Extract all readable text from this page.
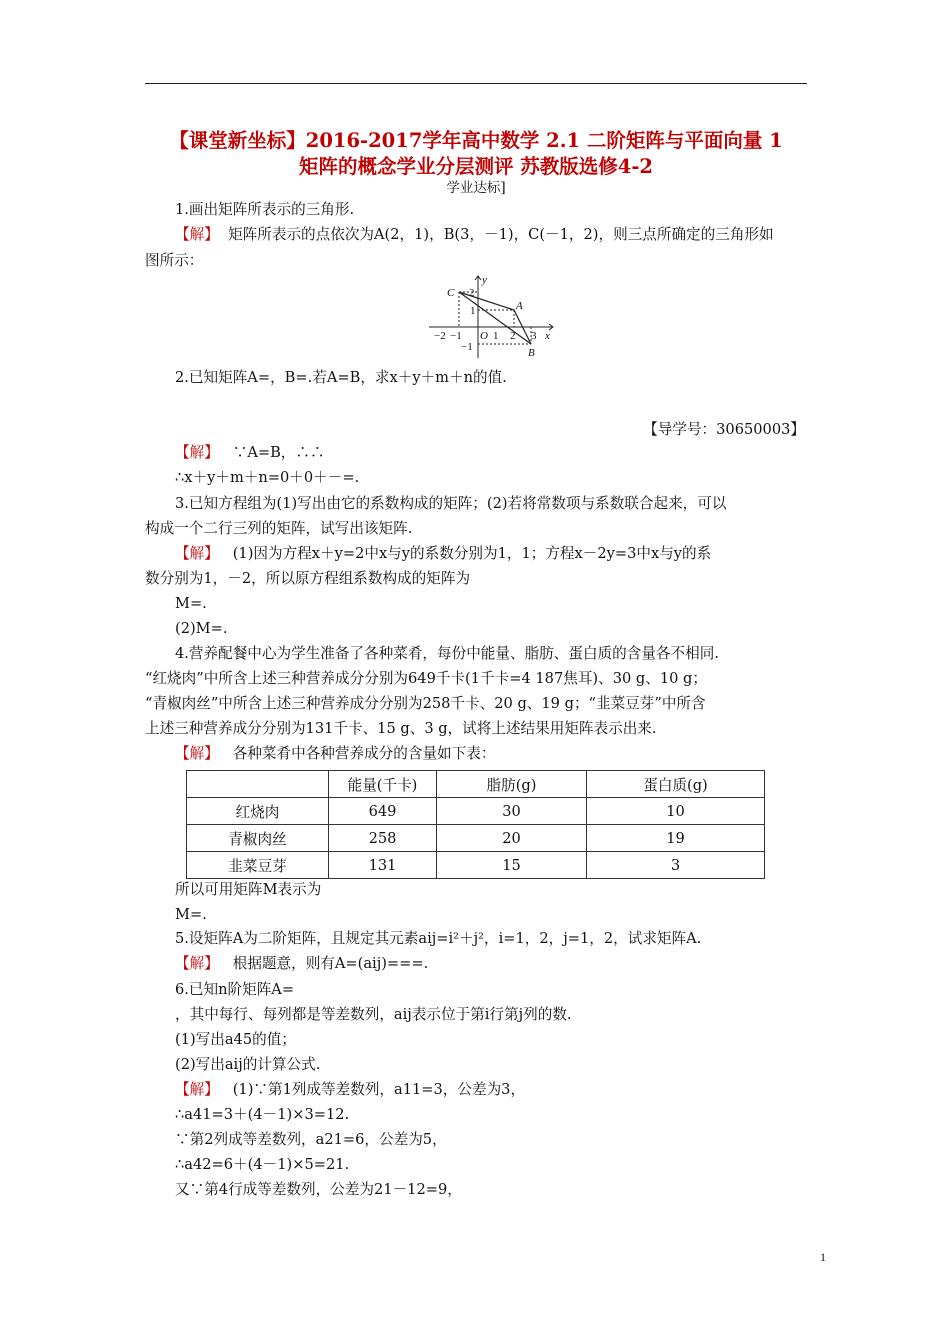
【课堂新坐标】2016-2017学年高中数学 2.1 二阶矩阵与平面向量 1
矩阵的概念学业分层测评 苏教版选修4-2
学业达标]
1.画出矩阵所表示的三角形.
【解】 矩阵所表示的点依次为A(2，1)，B(3，－1)，C(－1，2)，则三点所确定的三角形如
图所示：
C
A
B
y
x
O
−2 −1	1 2 3
2
1
−1
2.已知矩阵A=，B=.若A=B，求x＋y＋m＋n的值.
【导学号：30650003】
【解】 ∵A=B，∴∴
∴x＋y＋m＋n=0＋0＋－=.
3.已知方程组为(1)写出由它的系数构成的矩阵；(2)若将常数项与系数联合起来，可以
构成一个二行三列的矩阵，试写出该矩阵.
【解】 (1)因为方程x＋y=2中x与y的系数分别为1，1；方程x－2y=3中x与y的系
数分别为1，－2，所以原方程组系数构成的矩阵为
M=.
(2)M=.
4.营养配餐中心为学生准备了各种菜肴，每份中能量、脂肪、蛋白质的含量各不相同.
“红烧肉”中所含上述三种营养成分分别为649千卡(1千卡=4 187焦耳)、30 g、10 g；
“青椒肉丝”中所含上述三种营养成分分别为258千卡、20 g、19 g；“韭菜豆芽”中所含
上述三种营养成分分别为131千卡、15 g、3 g，试将上述结果用矩阵表示出来.
【解】 各种菜肴中各种营养成分的含量如下表：
	能量(千卡)	脂肪(g)	蛋白质(g)
红烧肉	649	30	10
青椒肉丝	258	20	19
韭菜豆芽	131	15	3
所以可用矩阵M表示为
M=.
5.设矩阵A为二阶矩阵，且规定其元素aij=i²＋j²，i=1，2，j=1，2，试求矩阵A.
【解】 根据题意，则有A=(aij)===.
6.已知n阶矩阵A=
，其中每行、每列都是等差数列，aij表示位于第i行第j列的数.
(1)写出a45的值；
(2)写出aij的计算公式.
【解】 (1)∵第1列成等差数列，a11=3，公差为3，
∴a41=3＋(4－1)×3=12.
∵第2列成等差数列，a21=6，公差为5，
∴a42=6＋(4－1)×5=21.
又∵第4行成等差数列，公差为21－12=9，
1
